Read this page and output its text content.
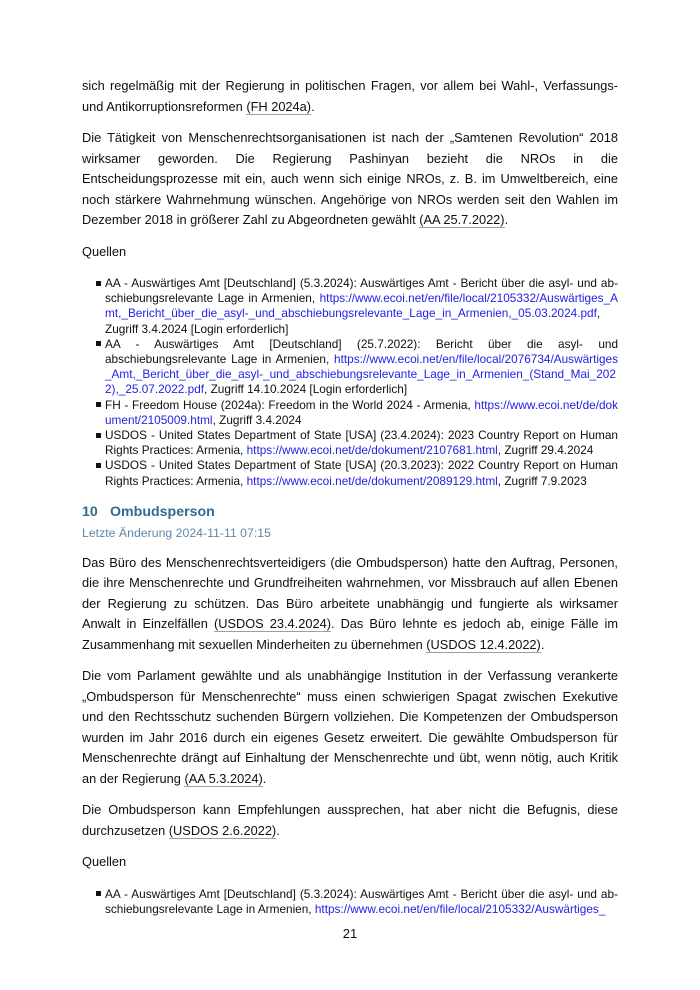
sich regelmäßig mit der Regierung in politischen Fragen, vor allem bei Wahl-, Verfassungs- und Antikorruptionsreformen (FH 2024a).

Die Tätigkeit von Menschenrechtsorganisationen ist nach der „Samtenen Revolution“ 2018 wirksamer geworden. Die Regierung Pashinyan bezieht die NROs in die Entscheidungsprozesse mit ein, auch wenn sich einige NROs, z. B. im Umweltbereich, eine noch stärkere Wahrnehmung wünschen. Angehörige von NROs werden seit den Wahlen im Dezember 2018 in größerer Zahl zu Abgeordneten gewählt (AA 25.7.2022).

Quellen

AA - Auswärtiges Amt [Deutschland] (5.3.2024): Auswärtiges Amt - Bericht über die asyl- und abschiebungsrelevante Lage in Armenien, https://www.ecoi.net/en/file/local/2105332/Auswärtiges_Amt,_Bericht_über_die_asyl-_und_abschiebungsrelevante_Lage_in_Armenien,_05.03.2024.pdf, Zugriff 3.4.2024 [Login erforderlich]
AA - Auswärtiges Amt [Deutschland] (25.7.2022): Bericht über die asyl- und abschiebungsrelevante Lage in Armenien, https://www.ecoi.net/en/file/local/2076734/Auswärtiges_Amt,_Bericht_über_die_asyl-_und_abschiebungsrelevante_Lage_in_Armenien_(Stand_Mai_2022),_25.07.2022.pdf, Zugriff 14.10.2024 [Login erforderlich]
FH - Freedom House (2024a): Freedom in the World 2024 - Armenia, https://www.ecoi.net/de/dokument/2105009.html, Zugriff 3.4.2024
USDOS - United States Department of State [USA] (23.4.2024): 2023 Country Report on Human Rights Practices: Armenia, https://www.ecoi.net/de/dokument/2107681.html, Zugriff 29.4.2024
USDOS - United States Department of State [USA] (20.3.2023): 2022 Country Report on Human Rights Practices: Armenia, https://www.ecoi.net/de/dokument/2089129.html, Zugriff 7.9.2023
10 Ombudsperson
Letzte Änderung 2024-11-11 07:15

Das Büro des Menschenrechtsverteidigers (die Ombudsperson) hatte den Auftrag, Personen, die ihre Menschenrechte und Grundfreiheiten wahrnehmen, vor Missbrauch auf allen Ebenen der Regierung zu schützen. Das Büro arbeitete unabhängig und fungierte als wirksamer Anwalt in Einzelfällen (USDOS 23.4.2024). Das Büro lehnte es jedoch ab, einige Fälle im Zusammenhang mit sexuellen Minderheiten zu übernehmen (USDOS 12.4.2022).

Die vom Parlament gewählte und als unabhängige Institution in der Verfassung verankerte „Ombudsperson für Menschenrechte“ muss einen schwierigen Spagat zwischen Exekutive und den Rechtsschutz suchenden Bürgern vollziehen. Die Kompetenzen der Ombudsperson wurden im Jahr 2016 durch ein eigenes Gesetz erweitert. Die gewählte Ombudsperson für Menschenrechte drängt auf Einhaltung der Menschenrechte und übt, wenn nötig, auch Kritik an der Regierung (AA 5.3.2024).

Die Ombudsperson kann Empfehlungen aussprechen, hat aber nicht die Befugnis, diese durchzusetzen (USDOS 2.6.2022).

Quellen

AA - Auswärtiges Amt [Deutschland] (5.3.2024): Auswärtiges Amt - Bericht über die asyl- und abschiebungsrelevante Lage in Armenien, https://www.ecoi.net/en/file/local/2105332/Auswärtiges_
21
